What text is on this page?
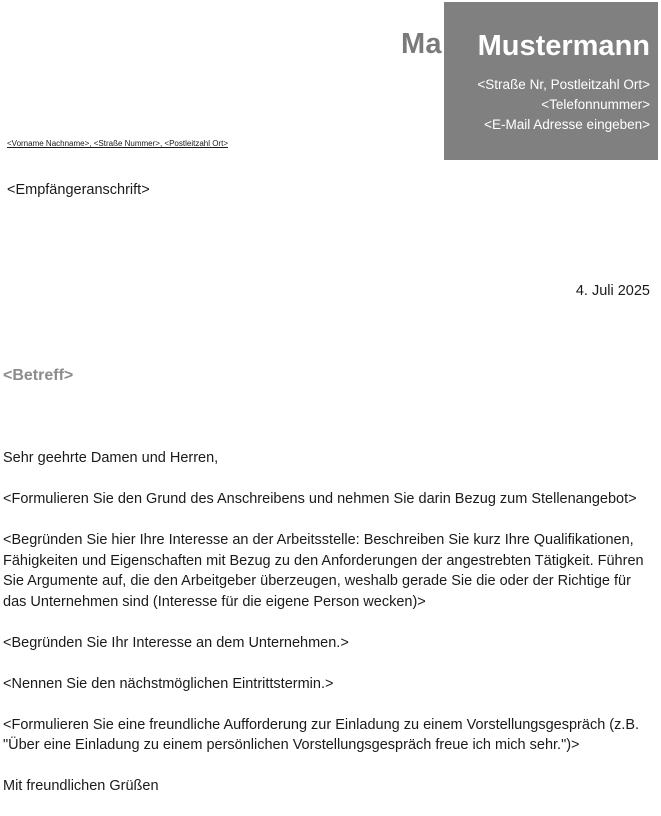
Ma	Mustermann
<Straße Nr, Postleitzahl Ort>
<Telefonnummer>
<E-Mail Adresse eingeben>
<Vorname Nachname>, <Straße Nummer>, <Postleitzahl Ort>
<Empfängeranschrift>
4. Juli 2025
<Betreff>

Sehr geehrte Damen und Herren,

<Formulieren Sie den Grund des Anschreibens und nehmen Sie darin Bezug zum Stellenangebot>

<Begründen Sie hier Ihre Interesse an der Arbeitsstelle: Beschreiben Sie kurz Ihre Qualifikationen, Fähigkeiten und Eigenschaften mit Bezug zu den Anforderungen der angestrebten Tätigkeit. Führen Sie Argumente auf, die den Arbeitgeber überzeugen, weshalb gerade Sie die oder der Richtige für das Unternehmen sind (Interesse für die eigene Person wecken)>

<Begründen Sie Ihr Interesse an dem Unternehmen.>

<Nennen Sie den nächstmöglichen Eintrittstermin.>

<Formulieren Sie eine freundliche Aufforderung zur Einladung zu einem Vorstellungsgespräch (z.B. "Über eine Einladung zu einem persönlichen Vorstellungsgespräch freue ich mich sehr.")>

Mit freundlichen Grüßen
